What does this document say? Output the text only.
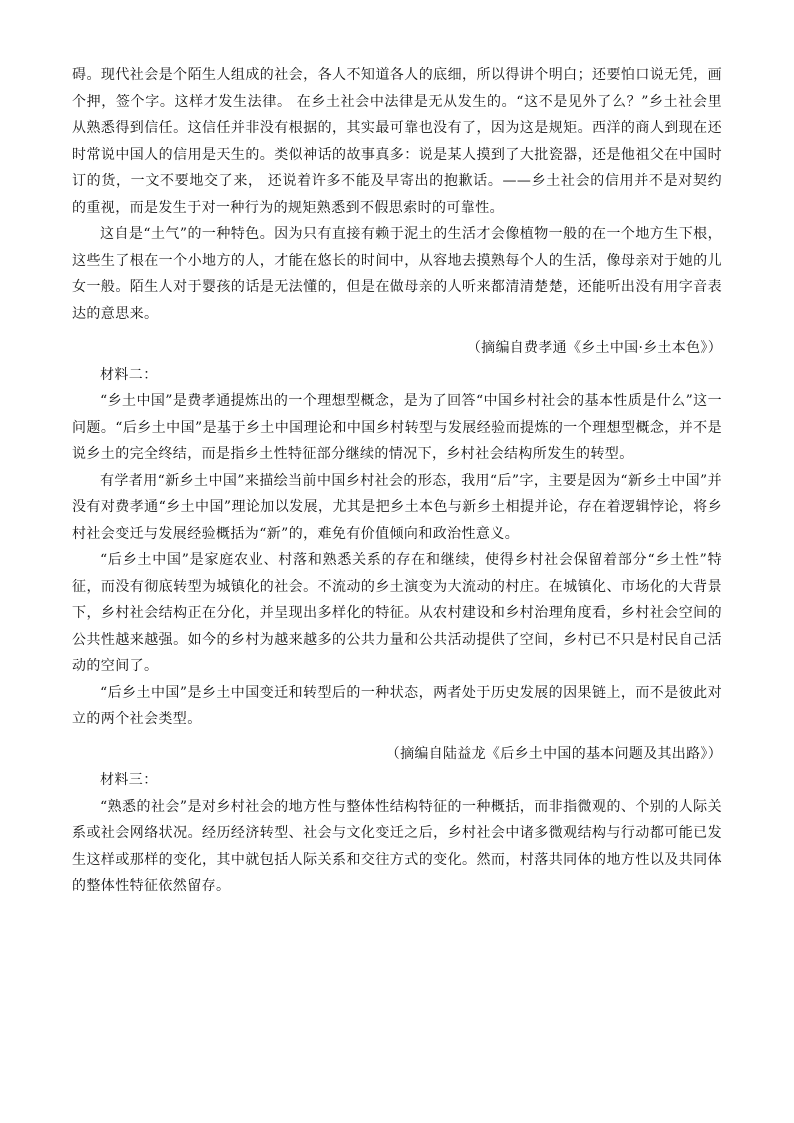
碍。现代社会是个陌生人组成的社会，各人不知道各人的底细，所以得讲个明白；还要怕口说无凭，画个押，签个字。这样才发生法律。 在乡土社会中法律是无从发生的。“这不是见外了么？”乡土社会里从熟悉得到信任。这信任并非没有根据的，其实最可靠也没有了，因为这是规矩。西洋的商人到现在还时常说中国人的信用是天生的。类似神话的故事真多：说是某人摸到了大批瓷器，还是他祖父在中国时订的货，一文不要地交了来， 还说着许多不能及早寄出的抱歉话。——乡土社会的信用并不是对契约的重视，而是发生于对一种行为的规矩熟悉到不假思索时的可靠性。

这自是“土气”的一种特色。因为只有直接有赖于泥土的生活才会像植物一般的在一个地方生下根，这些生了根在一个小地方的人，才能在悠长的时间中，从容地去摸熟每个人的生活，像母亲对于她的儿女一般。陌生人对于婴孩的话是无法懂的，但是在做母亲的人听来都清清楚楚，还能听出没有用字音表达的意思来。

（摘编自费孝通《乡土中国·乡土本色》）

材料二：

“乡土中国”是费孝通提炼出的一个理想型概念，是为了回答“中国乡村社会的基本性质是什么”这一问题。“后乡土中国”是基于乡土中国理论和中国乡村转型与发展经验而提炼的一个理想型概念，并不是说乡土的完全终结，而是指乡土性特征部分继续的情况下，乡村社会结构所发生的转型。

有学者用“新乡土中国”来描绘当前中国乡村社会的形态，我用“后”字，主要是因为“新乡土中国”并没有对费孝通“乡土中国”理论加以发展，尤其是把乡土本色与新乡土相提并论，存在着逻辑悖论，将乡村社会变迁与发展经验概括为“新”的，难免有价值倾向和政治性意义。

“后乡土中国”是家庭农业、村落和熟悉关系的存在和继续，使得乡村社会保留着部分“乡土性”特征，而没有彻底转型为城镇化的社会。不流动的乡土演变为大流动的村庄。在城镇化、市场化的大背景下，乡村社会结构正在分化，并呈现出多样化的特征。从农村建设和乡村治理角度看，乡村社会空间的公共性越来越强。如今的乡村为越来越多的公共力量和公共活动提供了空间，乡村已不只是村民自己活动的空间了。

“后乡土中国”是乡土中国变迁和转型后的一种状态，两者处于历史发展的因果链上，而不是彼此对立的两个社会类型。

（摘编自陆益龙《后乡土中国的基本问题及其出路》）

材料三：

“熟悉的社会”是对乡村社会的地方性与整体性结构特征的一种概括，而非指微观的、个别的人际关系或社会网络状况。经历经济转型、社会与文化变迁之后，乡村社会中诸多微观结构与行动都可能已发生这样或那样的变化，其中就包括人际关系和交往方式的变化。然而，村落共同体的地方性以及共同体的整体性特征依然留存。
